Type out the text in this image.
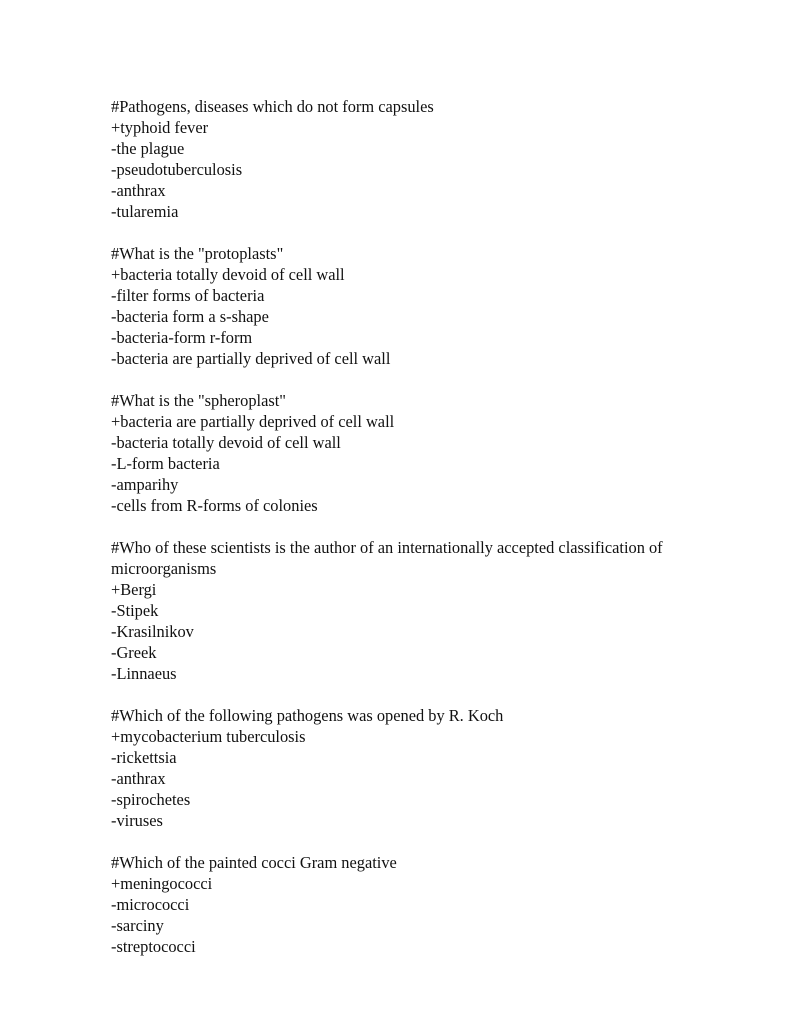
#Pathogens, diseases which do not form capsules
+typhoid fever
-the plague
-pseudotuberculosis
-anthrax
-tularemia
#What is the "protoplasts"
+bacteria totally devoid of cell wall
-filter forms of bacteria
-bacteria form a s-shape
-bacteria-form r-form
-bacteria are partially deprived of cell wall
#What is the "spheroplast"
+bacteria are partially deprived of cell wall
-bacteria totally devoid of cell wall
-L-form bacteria
-amparihy
-cells from R-forms of colonies
#Who of these scientists is the author of an internationally accepted classification of microorganisms
+Bergi
-Stipek
-Krasilnikov
-Greek
-Linnaeus
#Which of the following pathogens was opened by R. Koch
+mycobacterium tuberculosis
-rickettsia
-anthrax
-spirochetes
-viruses
#Which of the painted cocci Gram negative
+meningococci
-micrococci
-sarciny
-streptococci
